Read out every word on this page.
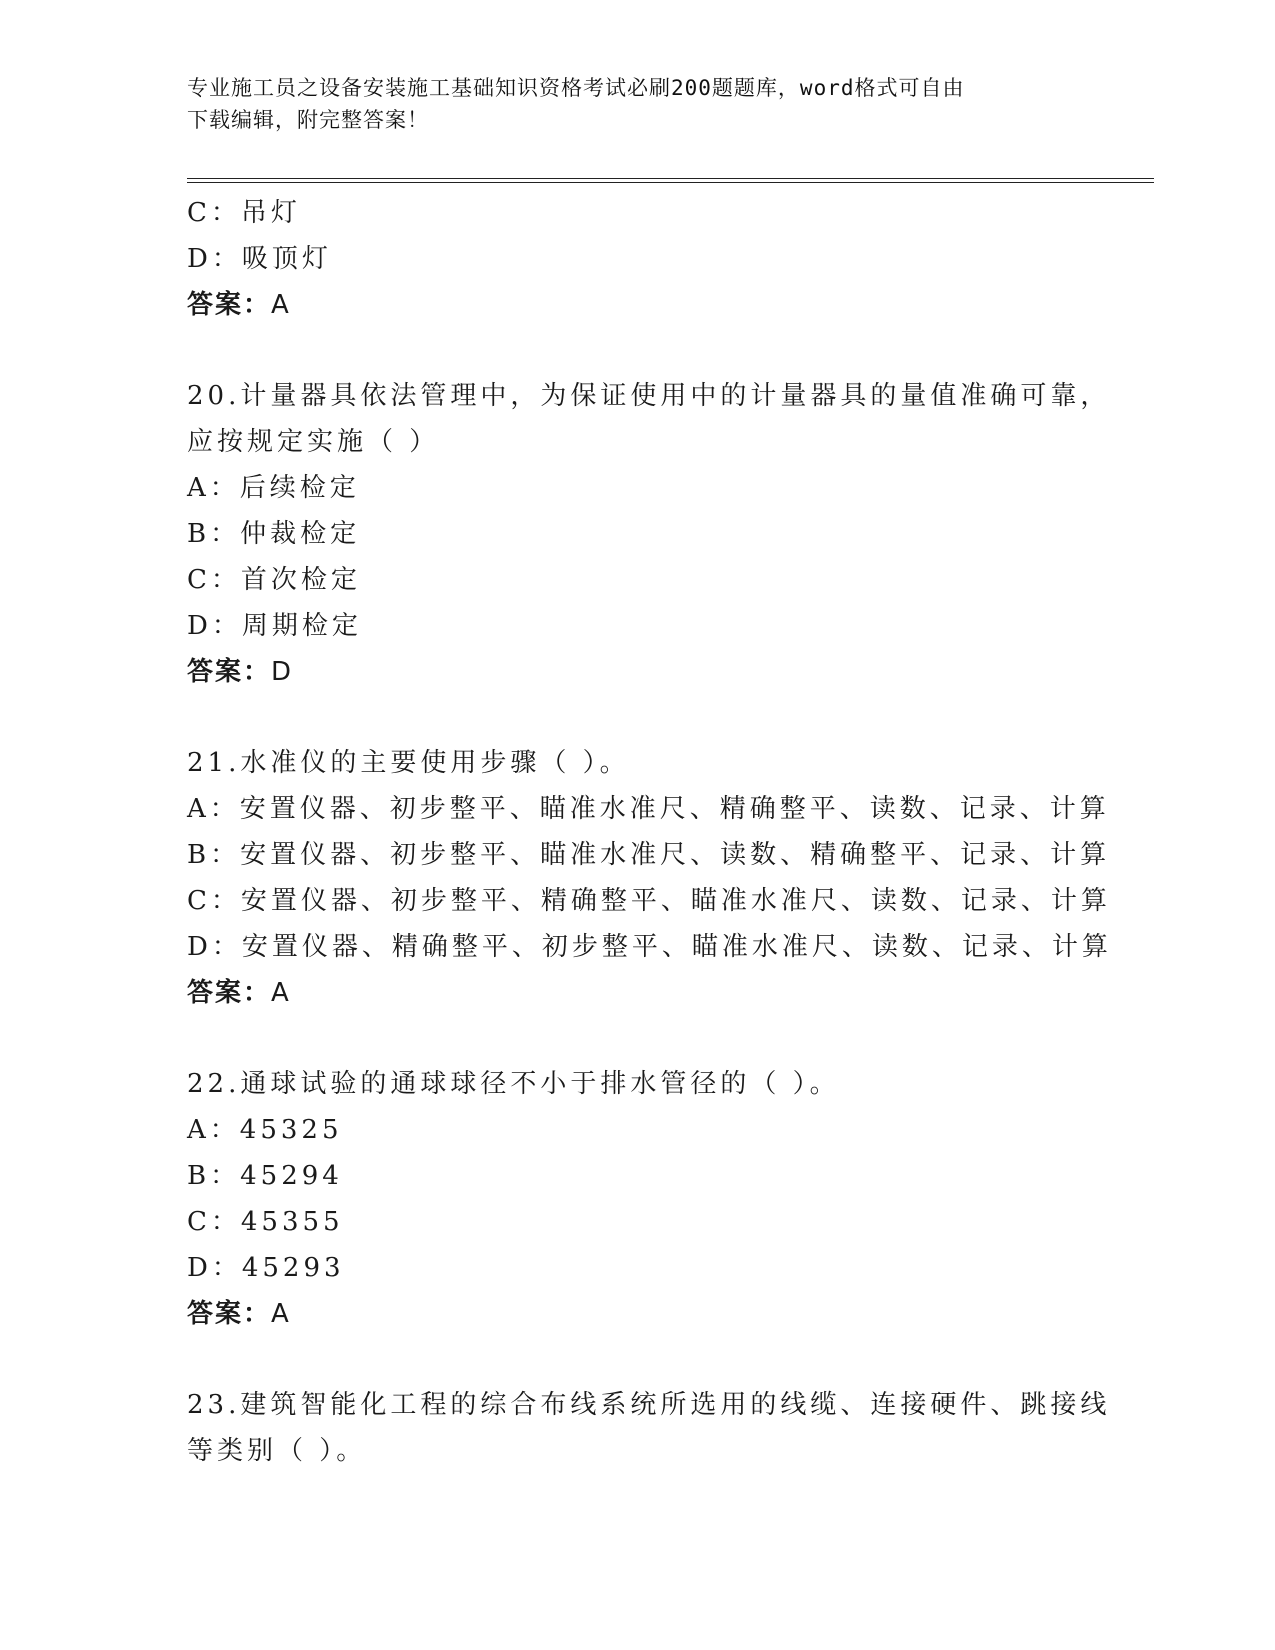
专业施工员之设备安装施工基础知识资格考试必刷200题题库，word格式可自由
下载编辑，附完整答案！
C：吊灯
D：吸顶灯
答案：A
20.计量器具依法管理中，为保证使用中的计量器具的量值准确可靠，
应按规定实施（ ）
A：后续检定
B：仲裁检定
C：首次检定
D：周期检定
答案：D
21.水准仪的主要使用步骤（ ）。
A：安置仪器、初步整平、瞄准水准尺、精确整平、读数、记录、计算
B：安置仪器、初步整平、瞄准水准尺、读数、精确整平、记录、计算
C：安置仪器、初步整平、精确整平、瞄准水准尺、读数、记录、计算
D：安置仪器、精确整平、初步整平、瞄准水准尺、读数、记录、计算
答案：A
22.通球试验的通球球径不小于排水管径的（ ）。
A：45325
B：45294
C：45355
D：45293
答案：A
23.建筑智能化工程的综合布线系统所选用的线缆、连接硬件、跳接线
等类别（ ）。
